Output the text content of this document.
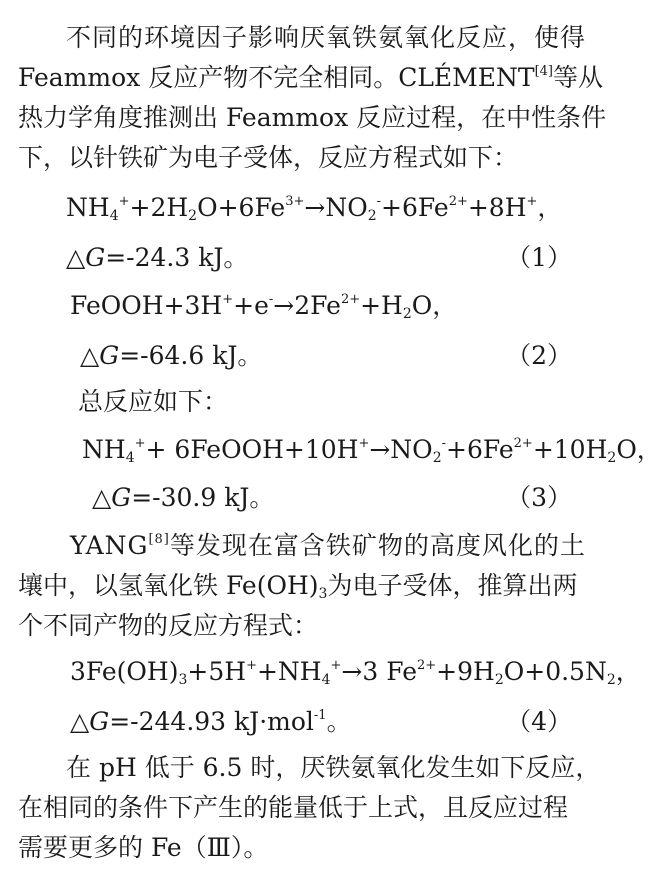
不同的环境因子影响厌氧铁氨氧化反应，使得
Feammox 反应产物不完全相同。CLÉMENT[4]等从
热力学角度推测出 Feammox 反应过程，在中性条件
下，以针铁矿为电子受体，反应方程式如下：
$NH_4^++2H_2O+6Fe^{3+}\to NO_2^-+6Fe^{2+}+8H^+$，
△G=-24.3 kJ。	（1）
$FeOOH+3H^++e^-\to 2Fe^{2+}+H_2O$，
△G=-64.6 kJ。	（2）
总反应如下：
$NH_4^++$ $6FeOOH+10H^+\to NO_2^-+6Fe^{2+}+10H_2O$，
△G=-30.9 kJ。	（3）
YANG[8]等发现在富含铁矿物的高度风化的土
壤中，以氢氧化铁 $Fe(OH)_3$为电子受体，推算出两
个不同产物的反应方程式：
$3Fe(OH)_3+5H^++NH_4^+\to 3$ $Fe^{2+}+9H_2O+0.5N_2$，
△G=-244.93 kJ·mol$^{-1}$。	（4）
在 pH 低于 6.5 时，厌铁氨氧化发生如下反应，
在相同的条件下产生的能量低于上式，且反应过程
需要更多的 Fe（Ⅲ）。
